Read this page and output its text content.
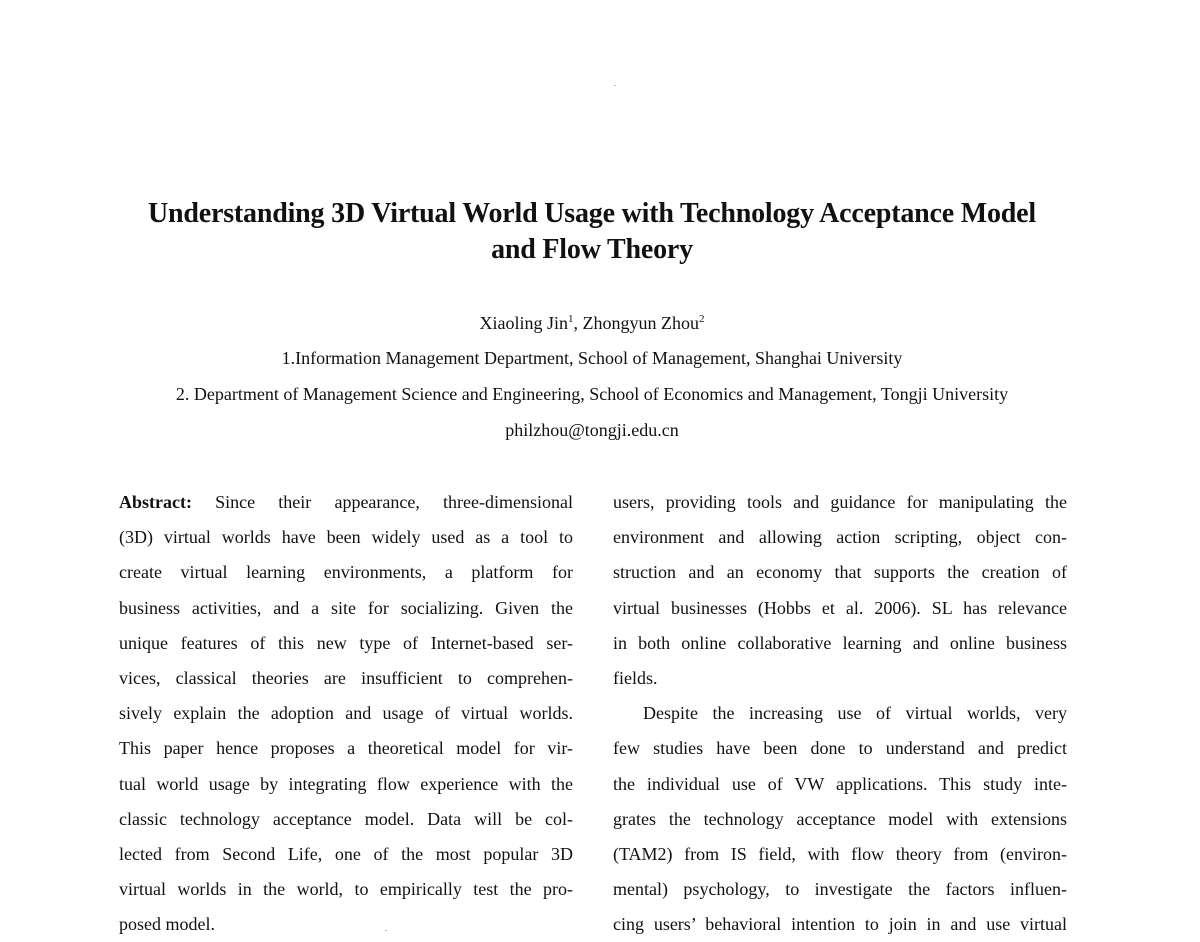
Understanding 3D Virtual World Usage with Technology Acceptance Model
and Flow Theory
Xiaoling Jin$^1$, Zhongyun Zhou$^2$
1.Information Management Department, School of Management, Shanghai University
2. Department of Management Science and Engineering, School of Economics and Management, Tongji University
philzhou@tongji.edu.cn
Abstract: Since their appearance, three-dimensional
(3D) virtual worlds have been widely used as a tool to
create virtual learning environments, a platform for
business activities, and a site for socializing. Given the
unique features of this new type of Internet-based ser-
vices, classical theories are insufficient to comprehen-
sively explain the adoption and usage of virtual worlds.
This paper hence proposes a theoretical model for vir-
tual world usage by integrating flow experience with the
classic technology acceptance model. Data will be col-
lected from Second Life, one of the most popular 3D
virtual worlds in the world, to empirically test the pro-
posed model.
users, providing tools and guidance for manipulating the
environment and allowing action scripting, object con-
struction and an economy that supports the creation of
virtual businesses (Hobbs et al. 2006). SL has relevance
in both online collaborative learning and online business
fields.
Despite the increasing use of virtual worlds, very
few studies have been done to understand and predict
the individual use of VW applications. This study inte-
grates the technology acceptance model with extensions
(TAM2) from IS field, with flow theory from (environ-
mental) psychology, to investigate the factors influen-
cing users’ behavioral intention to join in and use virtual
